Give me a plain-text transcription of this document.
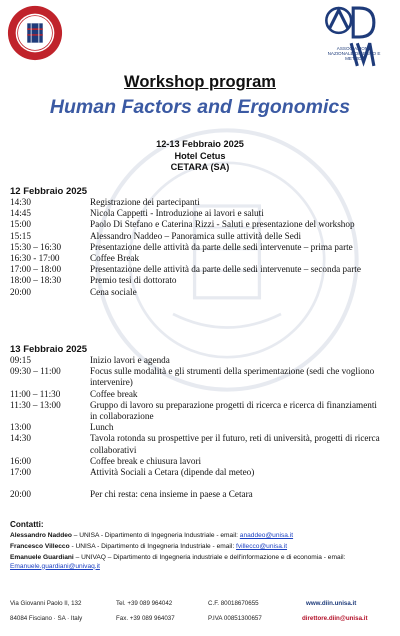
ASSOCIAZIONE NAZIONALE DISEGNO E METODI
Workshop program
Human Factors and Ergonomics
12-13 Febbraio 2025
Hotel Cetus
CETARA (SA)
12 Febbraio 2025
14:30	Registrazione dei partecipanti
14:45	Nicola Cappetti - Introduzione ai lavori e saluti
15:00	Paolo Di Stefano e Caterina Rizzi - Saluti e presentazione del workshop
15:15	Alessandro Naddeo – Panoramica sulle attività delle Sedi
15:30 – 16:30	Presentazione delle attività da parte delle sedi intervenute – prima parte
16:30 - 17:00	Coffee Break
17:00 – 18:00	Presentazione delle attività da parte delle sedi intervenute – seconda parte
18:00 – 18:30	Premio tesi di dottorato
20:00	Cena sociale
13 Febbraio 2025
09:15	Inizio lavori e agenda
09:30 – 11:00	Focus sulle modalità e gli strumenti della sperimentazione (sedi che vogliono intervenire)
11:00 – 11:30	Coffee break
11:30 – 13:00	Gruppo di lavoro su preparazione progetti di ricerca e ricerca di finanziamenti in collaborazione
13:00	Lunch
14:30	Tavola rotonda su prospettive per il futuro, reti di università, progetti di ricerca collaborativi
16:00	Coffee break e chiusura lavori
17:00	Attività Sociali a Cetara (dipende dal meteo)
20:00	Per chi resta: cena insieme in paese a Cetara
Contatti:
Alessandro Naddeo – UNISA - Dipartimento di Ingegneria Industriale - email: anaddeo@unisa.it
Francesco Villecco - UNISA - Dipartimento di Ingegneria Industriale - email: fvillecco@unisa.it
Emanuele Guardiani – UNIVAQ – Dipartimento di Ingegneria industriale e dell'informazione e di economia - email: Emanuele.guardiani@univaq.it
Via Giovanni Paolo II, 132
84084 Fisciano · SA · Italy
Tel. +39 089 964042
Fax. +39 089 964037
C.F. 80018670655
P.IVA 00851300657
www.diin.unisa.it
direttore.diin@unisa.it
